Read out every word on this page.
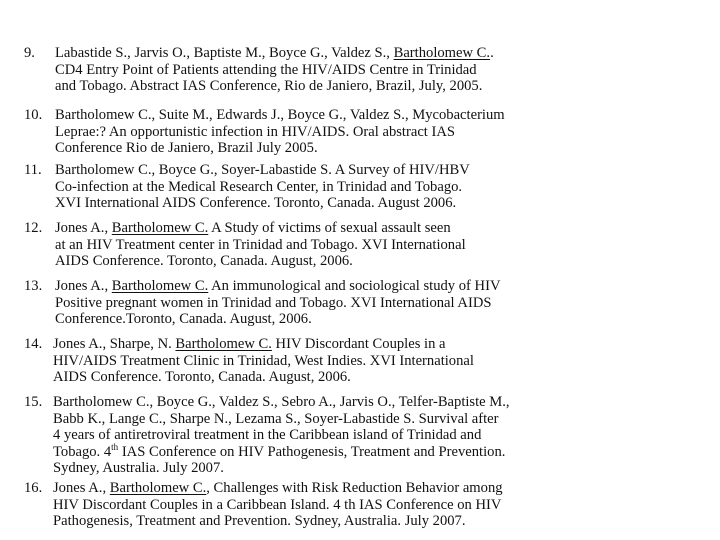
9.	Labastide S., Jarvis O., Baptiste M., Boyce G., Valdez S., Bartholomew C..
CD4 Entry Point of Patients attending the HIV/AIDS Centre in Trinidad
and Tobago. Abstract IAS Conference, Rio de Janiero, Brazil, July, 2005.
10. Bartholomew C., Suite M., Edwards J., Boyce G., Valdez S., Mycobacterium
Leprae:? An opportunistic infection in HIV/AIDS. Oral abstract IAS
Conference Rio de Janiero, Brazil July 2005.
11. Bartholomew C., Boyce G., Soyer-Labastide S. A Survey of HIV/HBV
Co-infection at the Medical Research Center, in Trinidad and Tobago.
XVI International AIDS Conference. Toronto, Canada. August 2006.
12. Jones A., Bartholomew C. A Study of victims of sexual assault seen
at an HIV Treatment center in Trinidad and Tobago. XVI International
AIDS Conference. Toronto, Canada. August, 2006.
13. Jones A., Bartholomew C. An immunological and sociological study of HIV
Positive pregnant women in Trinidad and Tobago. XVI International AIDS
Conference.Toronto, Canada. August, 2006.
14. Jones A., Sharpe, N. Bartholomew C. HIV Discordant Couples in a
HIV/AIDS Treatment Clinic in Trinidad, West Indies. XVI International
AIDS Conference. Toronto, Canada. August, 2006.
15. Bartholomew C., Boyce G., Valdez S., Sebro A., Jarvis O., Telfer-Baptiste M.,
Babb K., Lange C., Sharpe N., Lezama S., Soyer-Labastide S. Survival after
4 years of antiretroviral treatment in the Caribbean island of Trinidad and
Tobago. 4th IAS Conference on HIV Pathogenesis, Treatment and Prevention.
Sydney, Australia. July 2007.
16. Jones A., Bartholomew C., Challenges with Risk Reduction Behavior among
HIV Discordant Couples in a Caribbean Island. 4 th IAS Conference on HIV
Pathogenesis, Treatment and Prevention. Sydney, Australia. July 2007.
